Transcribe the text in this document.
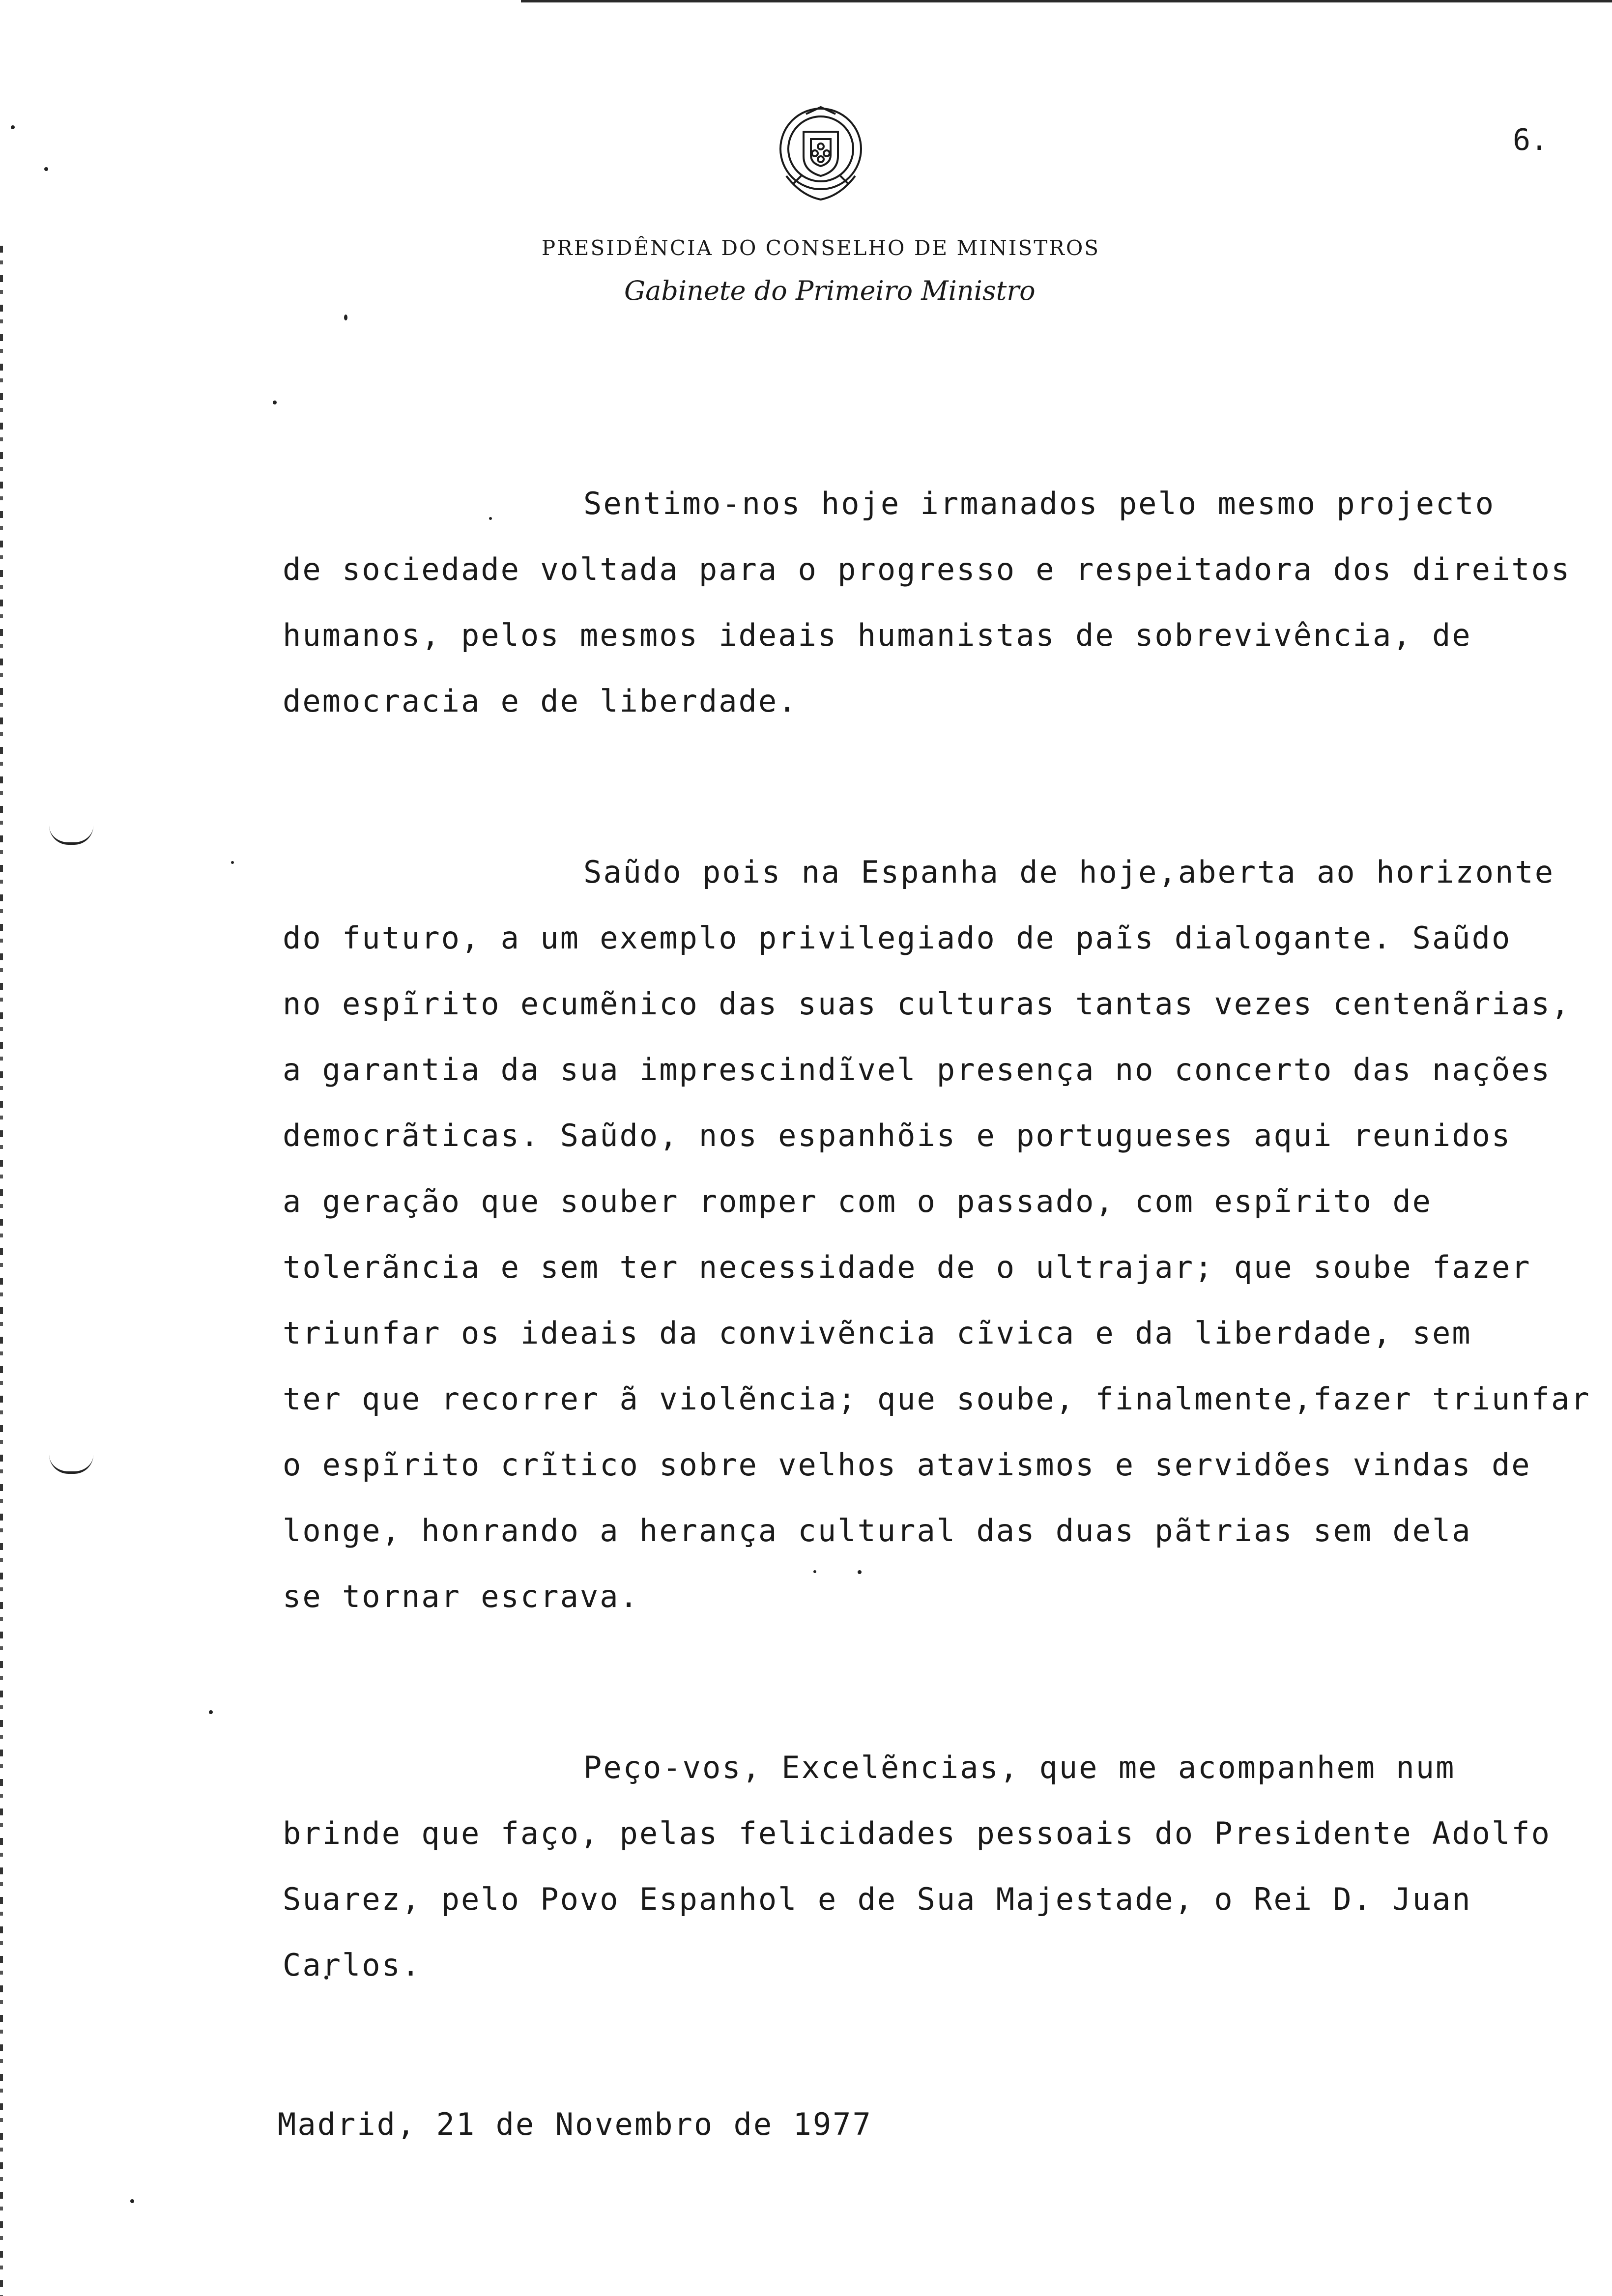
PRESIDÊNCIA DO CONSELHO DE MINISTROS
Gabinete do Primeiro Ministro
6.
Sentimo-nos hoje irmanados pelo mesmo projecto
de sociedade voltada para o progresso e respeitadora dos direitos
humanos, pelos mesmos ideais humanistas de sobrevivência, de
democracia e de liberdade.
Saũdo pois na Espanha de hoje,aberta ao horizonte
do futuro, a um exemplo privilegiado de paĩs dialogante. Saũdo
no espĩrito ecumẽnico das suas culturas tantas vezes centenãrias,
a garantia da sua imprescindĩvel presença no concerto das nações
democrãticas. Saũdo, nos espanhõis e portugueses aqui reunidos
a geração que souber romper com o passado, com espĩrito de
tolerãncia e sem ter necessidade de o ultrajar; que soube fazer
triunfar os ideais da convivẽncia cĩvica e da liberdade, sem
ter que recorrer ã violẽncia; que soube, finalmente,fazer triunfar
o espĩrito crĩtico sobre velhos atavismos e servidões vindas de
longe, honrando a herança cultural das duas pãtrias sem dela
se tornar escrava.
Peço-vos, Excelẽncias, que me acompanhem num
brinde que faço, pelas felicidades pessoais do Presidente Adolfo
Suarez, pelo Povo Espanhol e de Sua Majestade, o Rei D. Juan
Carlos.
Madrid, 21 de Novembro de 1977
